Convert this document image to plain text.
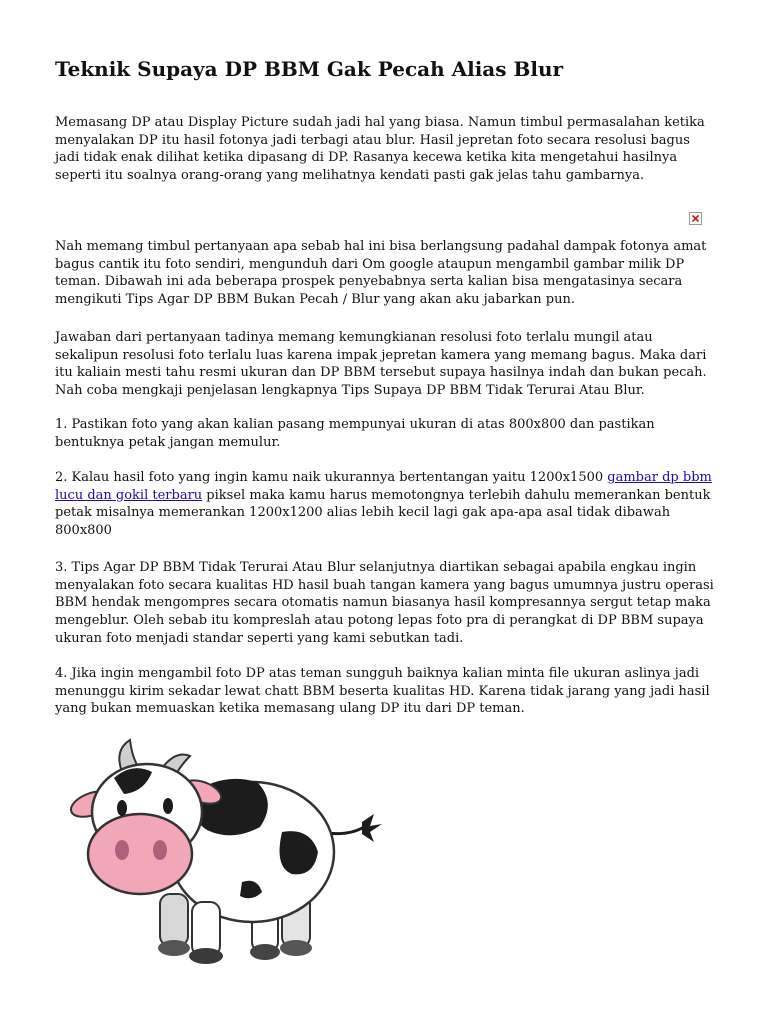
Teknik Supaya DP BBM Gak Pecah Alias Blur

Memasang DP atau Display Picture sudah jadi hal yang biasa. Namun timbul permasalahan ketika menyalakan DP itu hasil fotonya jadi terbagi atau blur. Hasil jepretan foto secara resolusi bagus jadi tidak enak dilihat ketika dipasang di DP. Rasanya kecewa ketika kita mengetahui hasilnya seperti itu soalnya orang-orang yang melihatnya kendati pasti gak jelas tahu gambarnya.

Nah memang timbul pertanyaan apa sebab hal ini bisa berlangsung padahal dampak fotonya amat bagus cantik itu foto sendiri, mengunduh dari Om google ataupun mengambil gambar milik DP teman. Dibawah ini ada beberapa prospek penyebabnya serta kalian bisa mengatasinya secara mengikuti Tips Agar DP BBM Bukan Pecah / Blur yang akan aku jabarkan pun.

Jawaban dari pertanyaan tadinya memang kemungkianan resolusi foto terlalu mungil atau sekalipun resolusi foto terlalu luas karena impak jepretan kamera yang memang bagus. Maka dari itu kaliain mesti tahu resmi ukuran dan DP BBM tersebut supaya hasilnya indah dan bukan pecah. Nah coba mengkaji penjelasan lengkapnya Tips Supaya DP BBM Tidak Terurai Atau Blur.

1. Pastikan foto yang akan kalian pasang mempunyai ukuran di atas 800x800 dan pastikan bentuknya petak jangan memulur.

2. Kalau hasil foto yang ingin kamu naik ukurannya bertentangan yaitu 1200x1500 gambar dp bbm lucu dan gokil terbaru piksel maka kamu harus memotongnya terlebih dahulu memerankan bentuk petak misalnya memerankan 1200x1200 alias lebih kecil lagi gak apa-apa asal tidak dibawah 800x800

3. Tips Agar DP BBM Tidak Terurai Atau Blur selanjutnya diartikan sebagai apabila engkau ingin menyalakan foto secara kualitas HD hasil buah tangan kamera yang bagus umumnya justru operasi BBM hendak mengompres secara otomatis namun biasanya hasil kompresannya sergut tetap maka mengeblur. Oleh sebab itu kompreslah atau potong lepas foto pra di perangkat di DP BBM supaya ukuran foto menjadi standar seperti yang kami sebutkan tadi.

4. Jika ingin mengambil foto DP atas teman sungguh baiknya kalian minta file ukuran aslinya jadi menunggu kirim sekadar lewat chatt BBM beserta kualitas HD. Karena tidak jarang yang jadi hasil yang bukan memuaskan ketika memasang ulang DP itu dari DP teman.
